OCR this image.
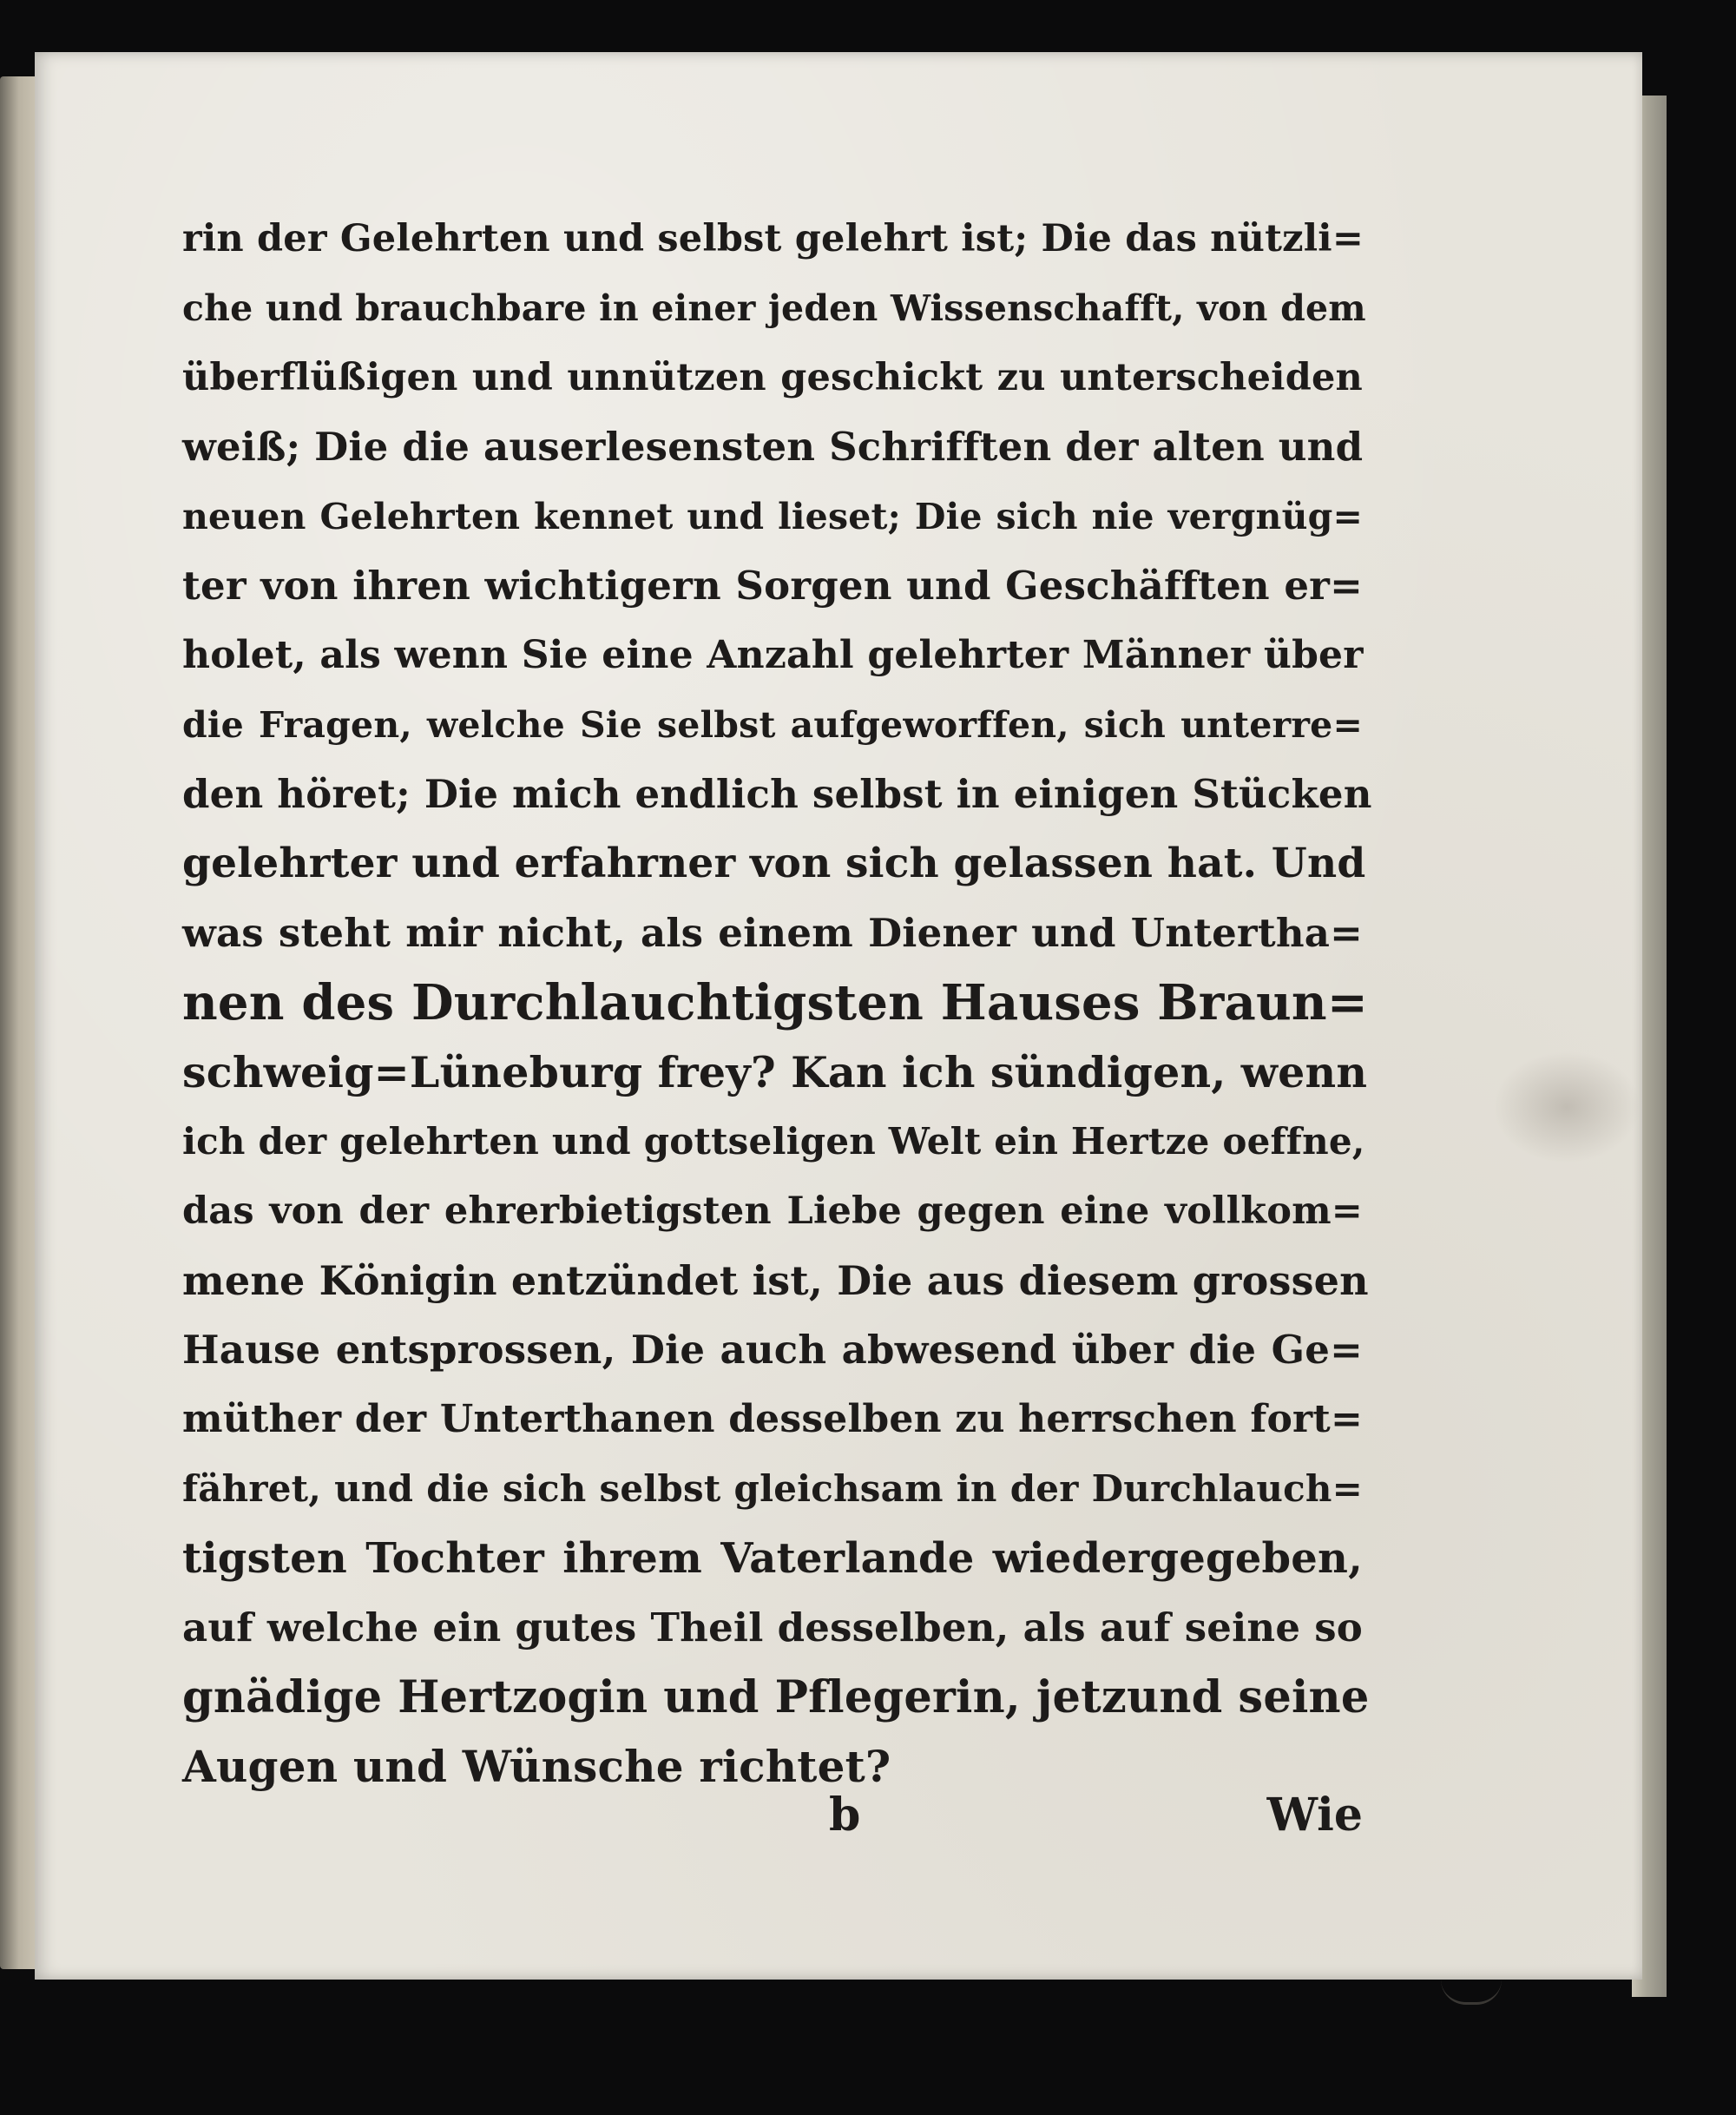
rin der Gelehrten und selbst gelehrt ist; Die das nützli=
che und brauchbare in einer jeden Wissenschafft, von dem
überflüßigen und unnützen geschickt zu unterscheiden
weiß; Die die auserlesensten Schrifften der alten und
neuen Gelehrten kennet und lieset; Die sich nie vergnüg=
ter von ihren wichtigern Sorgen und Geschäfften er=
holet, als wenn Sie eine Anzahl gelehrter Männer über
die Fragen, welche Sie selbst aufgeworffen, sich unterre=
den höret; Die mich endlich selbst in einigen Stücken
gelehrter und erfahrner von sich gelassen hat. Und
was steht mir nicht, als einem Diener und Untertha=
nen des Durchlauchtigsten Hauses Braun=
schweig=Lüneburg frey? Kan ich sündigen, wenn
ich der gelehrten und gottseligen Welt ein Hertze oeffne,
das von der ehrerbietigsten Liebe gegen eine vollkom=
mene Königin entzündet ist, Die aus diesem grossen
Hause entsprossen, Die auch abwesend über die Ge=
müther der Unterthanen desselben zu herrschen fort=
fähret, und die sich selbst gleichsam in der Durchlauch=
tigsten Tochter ihrem Vaterlande wiedergegeben,
auf welche ein gutes Theil desselben, als auf seine so
gnädige Hertzogin und Pflegerin, jetzund seine
Augen und Wünsche richtet?
b	Wie
